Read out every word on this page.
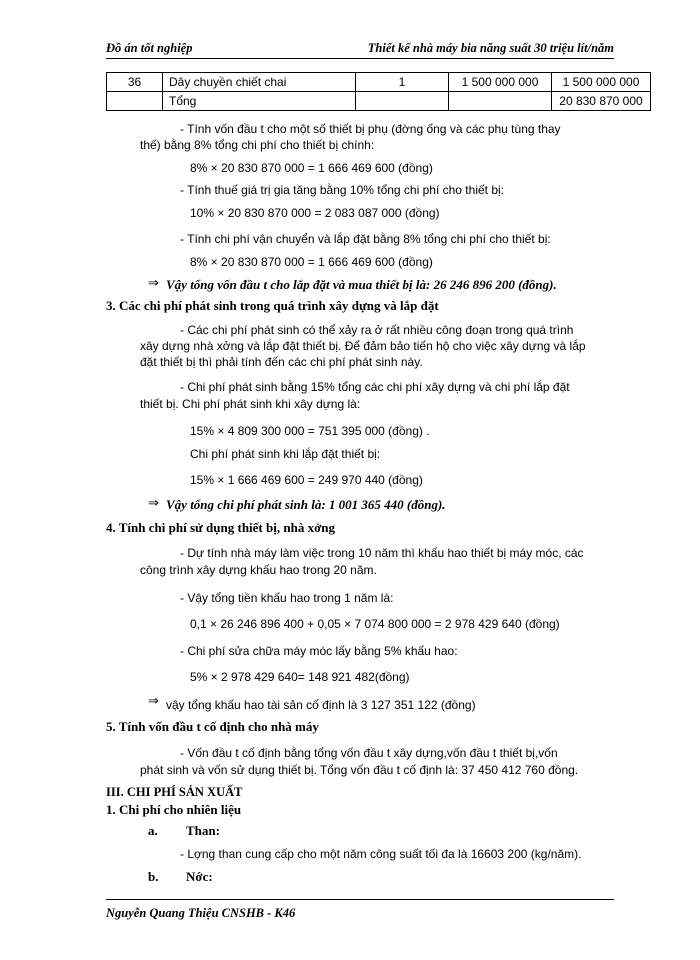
Đồ án tốt nghiệp	Thiết kế nhà máy bia năng suất 30 triệu lít/năm
36	Dây chuyền chiết chai	1	1 500 000 000	1 500 000 000
	Tổng			20 830 870 000
- Tính vốn đầu t cho một số thiết bị phụ (đờng ống và các phụ tùng thay
thế) bằng 8% tổng chi phí cho thiết bị chính:
8% × 20 830 870 000 = 1 666 469 600 (đồng)
- Tính thuế giá trị gia tăng bằng 10% tổng chi phí cho thiết bị:
10% × 20 830 870 000 = 2 083 087 000 (đồng)
- Tính chi phí vận chuyển và lắp đặt bằng 8% tổng chi phí cho thiết bị:
8% × 20 830 870 000 = 1 666 469 600 (đồng)
⇒ Vậy tổng vốn đầu t cho lắp đặt và mua thiết bị là: 26 246 896 200 (đồng).
3. Các chi phí phát sinh trong quá trình xây dựng và lắp đặt
- Các chi phí phát sinh có thể xảy ra ở rất nhiều công đoạn trong quá trình
xây dựng nhà xởng và lắp đặt thiết bị. Để đảm bảo tiến hộ cho việc xây dựng và lắp
đặt thiết bị thì phải tính đến các chi phí phát sinh này.
- Chi phí phát sinh bằng 15% tổng các chi phí xây dựng và chi phí lắp đặt
thiết bị. Chi phí phát sinh khi xây dựng là:
15% × 4 809 300 000 = 751 395 000 (đồng) .
Chi phí phát sinh khi lắp đặt thiết bị:
15% × 1 666 469 600 = 249 970 440 (đồng)
⇒ Vậy tổng chi phí phát sinh là: 1 001 365 440 (đồng).
4. Tính chi phí sử dụng thiết bị, nhà xởng
- Dự tính nhà máy làm việc trong 10 năm thì khấu hao thiết bị máy móc, các
công trình xây dựng khấu hao trong 20 năm.
- Vậy tổng tiền khấu hao trong 1 năm là:
0,1 × 26 246 896 400 + 0,05 × 7 074 800 000 = 2 978 429 640 (đồng)
- Chi phí sửa chữa máy móc lấy bằng 5% khấu hao:
5% × 2 978 429 640= 148 921 482(đồng)
⇒ vậy tổng khấu hao tài sản cố định là 3 127 351 122 (đồng)
5. Tính vốn đầu t cố định cho nhà máy
- Vốn đầu t cố định bằng tổng vốn đầu t xây dựng,vốn đầu t thiết bị,vốn
phát sinh và vốn sử dụng thiết bị. Tổng vốn đầu t cố định là: 37 450 412 760 đồng.
III. CHI PHÍ SẢN XUẤT
1. Chi phí cho nhiên liệu
a. Than:
- Lợng than cung cấp cho một năm công suất tối đa là 16603 200 (kg/năm).
b. Nớc:
Nguyễn Quang Thiệu CNSHB - K46
